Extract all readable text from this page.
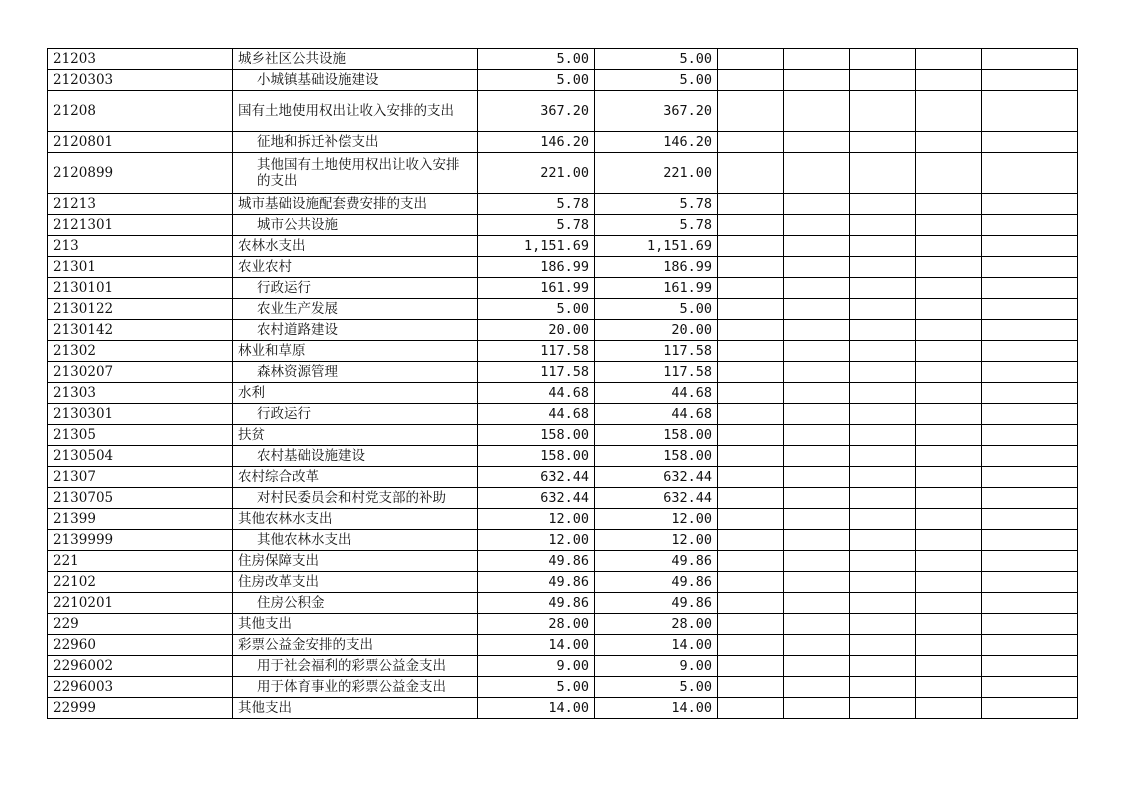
21203	城乡社区公共设施	5.00	5.00					
2120303	小城镇基础设施建设	5.00	5.00					
21208	国有土地使用权出让收入安排的支出	367.20	367.20					
2120801	征地和拆迁补偿支出	146.20	146.20					
2120899	其他国有土地使用权出让收入安排的支出	221.00	221.00					
21213	城市基础设施配套费安排的支出	5.78	5.78					
2121301	城市公共设施	5.78	5.78					
213	农林水支出	1,151.69	1,151.69					
21301	农业农村	186.99	186.99					
2130101	行政运行	161.99	161.99					
2130122	农业生产发展	5.00	5.00					
2130142	农村道路建设	20.00	20.00					
21302	林业和草原	117.58	117.58					
2130207	森林资源管理	117.58	117.58					
21303	水利	44.68	44.68					
2130301	行政运行	44.68	44.68					
21305	扶贫	158.00	158.00					
2130504	农村基础设施建设	158.00	158.00					
21307	农村综合改革	632.44	632.44					
2130705	对村民委员会和村党支部的补助	632.44	632.44					
21399	其他农林水支出	12.00	12.00					
2139999	其他农林水支出	12.00	12.00					
221	住房保障支出	49.86	49.86					
22102	住房改革支出	49.86	49.86					
2210201	住房公积金	49.86	49.86					
229	其他支出	28.00	28.00					
22960	彩票公益金安排的支出	14.00	14.00					
2296002	用于社会福利的彩票公益金支出	9.00	9.00					
2296003	用于体育事业的彩票公益金支出	5.00	5.00					
22999	其他支出	14.00	14.00					
